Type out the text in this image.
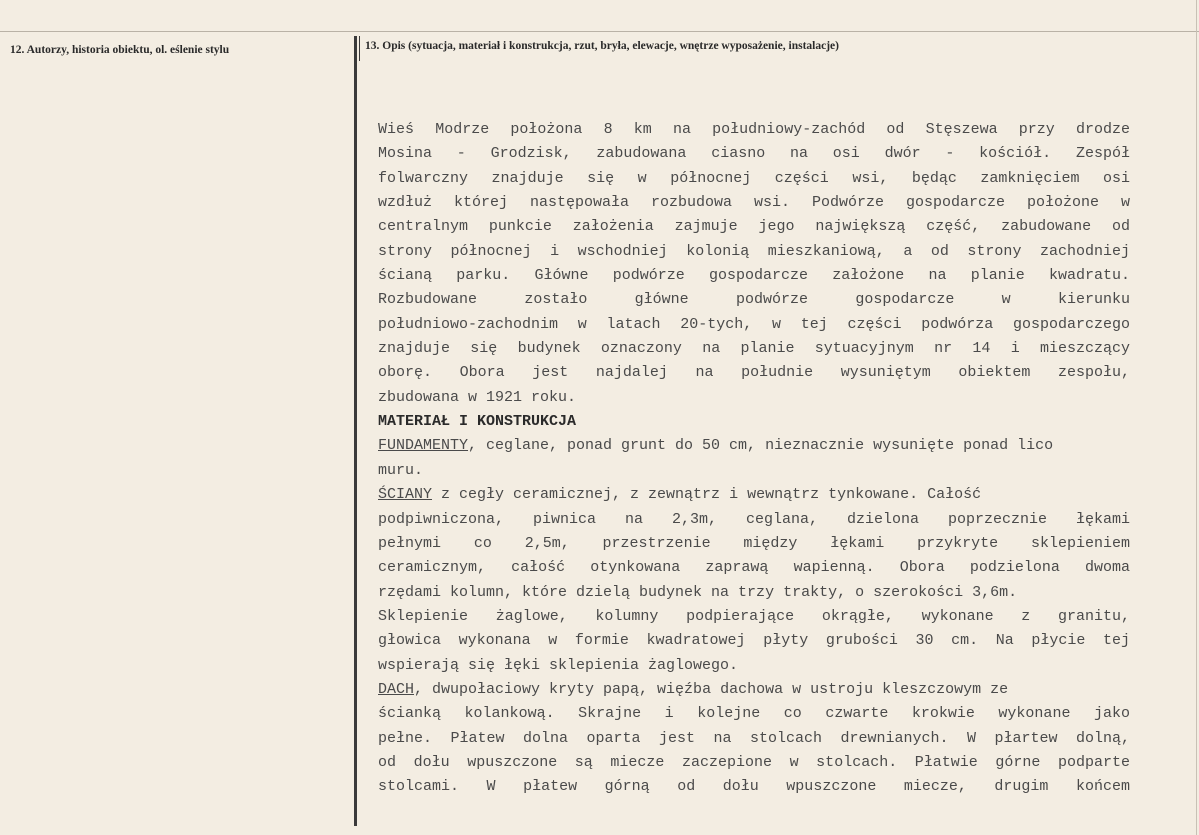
12. Autorzy, historia obiektu, ol. eślenie stylu	13. Opis (sytuacja, materiał i konstrukcja, rzut, bryła, elewacje, wnętrze wyposażenie, instalacje)
Wieś Modrze położona 8 km na południowy-zachód od Stęszewa przy drodze
Mosina - Grodzisk, zabudowana ciasno na osi dwór - kościół. Zespół
folwarczny znajduje się w północnej części wsi, będąc zamknięciem osi
wzdłuż której następowała rozbudowa wsi. Podwórze gospodarcze położone w
centralnym punkcie założenia zajmuje jego największą część, zabudowane od
strony północnej i wschodniej kolonią mieszkaniową, a od strony zachodniej
ścianą parku. Główne podwórze gospodarcze założone na planie kwadratu.
Rozbudowane zostało główne podwórze gospodarcze w kierunku
południowo-zachodnim w latach 20-tych, w tej części podwórza gospodarczego
znajduje się budynek oznaczony na planie sytuacyjnym nr 14 i mieszczący
oborę. Obora jest najdalej na południe wysuniętym obiektem zespołu,
zbudowana w 1921 roku.
MATERIAŁ I KONSTRUKCJA
FUNDAMENTY, ceglane, ponad grunt do 50 cm, nieznacznie wysunięte ponad lico
muru.
ŚCIANY z cegły ceramicznej, z zewnątrz i wewnątrz tynkowane. Całość
podpiwniczona, piwnica na 2,3m, ceglana, dzielona poprzecznie łękami
pełnymi co 2,5m, przestrzenie między łękami przykryte sklepieniem
ceramicznym, całość otynkowana zaprawą wapienną. Obora podzielona dwoma
rzędami kolumn, które dzielą budynek na trzy trakty, o szerokości 3,6m.
Sklepienie żaglowe, kolumny podpierające okrągłe, wykonane z granitu,
głowica wykonana w formie kwadratowej płyty grubości 30 cm. Na płycie tej
wspierają się łęki sklepienia żaglowego.
DACH, dwupołaciowy kryty papą, więźba dachowa w ustroju kleszczowym ze
ścianką kolankową. Skrajne i kolejne co czwarte krokwie wykonane jako
pełne. Płatew dolna oparta jest na stolcach drewnianych. W płartew dolną,
od dołu wpuszczone są miecze zaczepione w stolcach. Płatwie górne podparte
stolcami. W płatew górną od dołu wpuszczone miecze, drugim końcem
